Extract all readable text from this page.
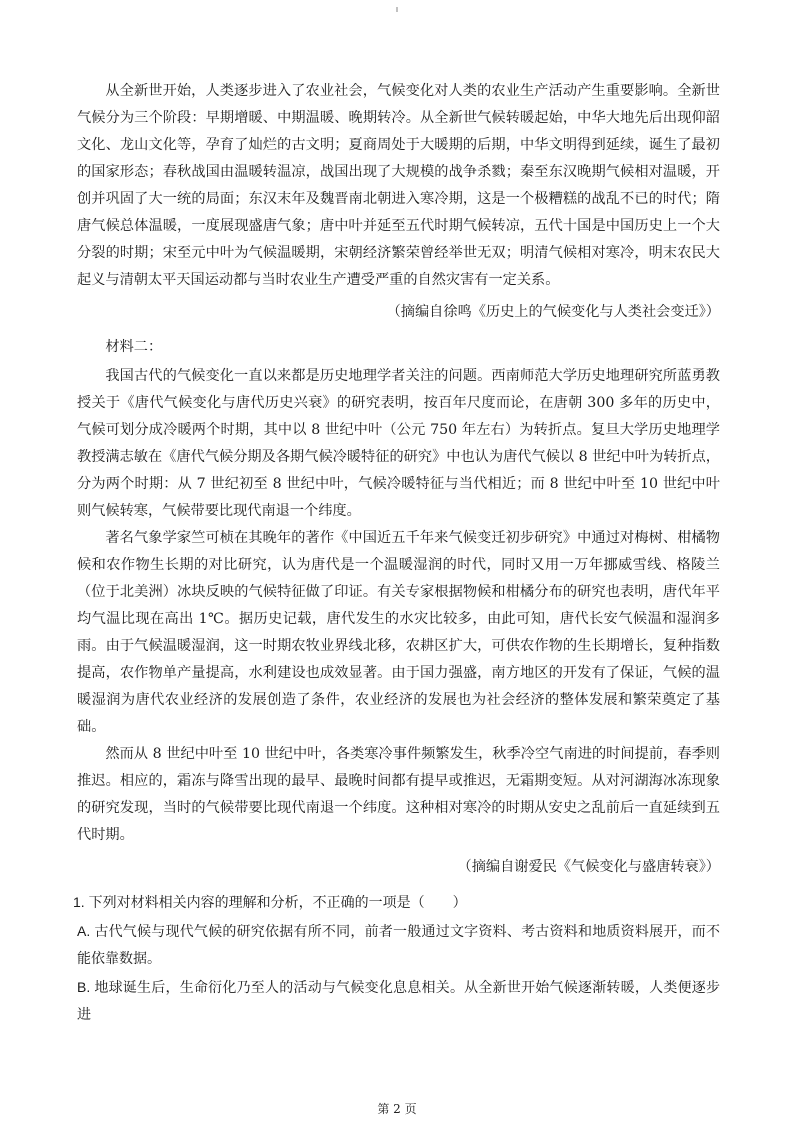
ı

从全新世开始，人类逐步进入了农业社会，气候变化对人类的农业生产活动产生重要影响。全新世气候分为三个阶段：早期增暖、中期温暖、晚期转冷。从全新世气候转暖起始，中华大地先后出现仰韶文化、龙山文化等，孕育了灿烂的古文明；夏商周处于大暖期的后期，中华文明得到延续，诞生了最初的国家形态；春秋战国由温暖转温凉，战国出现了大规模的战争杀戮；秦至东汉晚期气候相对温暖，开创并巩固了大一统的局面；东汉末年及魏晋南北朝进入寒冷期，这是一个极糟糕的战乱不已的时代；隋唐气候总体温暖，一度展现盛唐气象；唐中叶并延至五代时期气候转凉，五代十国是中国历史上一个大分裂的时期；宋至元中叶为气候温暖期，宋朝经济繁荣曾经举世无双；明清气候相对寒冷，明末农民大起义与清朝太平天国运动都与当时农业生产遭受严重的自然灾害有一定关系。

（摘编自徐鸣《历史上的气候变化与人类社会变迁》）
材料二：

我国古代的气候变化一直以来都是历史地理学者关注的问题。西南师范大学历史地理研究所蓝勇教授关于《唐代气候变化与唐代历史兴衰》的研究表明，按百年尺度而论，在唐朝 300 多年的历史中，气候可划分成冷暖两个时期，其中以 8 世纪中叶（公元 750 年左右）为转折点。复旦大学历史地理学教授满志敏在《唐代气候分期及各期气候冷暖特征的研究》中也认为唐代气候以 8 世纪中叶为转折点，分为两个时期：从 7 世纪初至 8 世纪中叶，气候冷暖特征与当代相近；而 8 世纪中叶至 10 世纪中叶则气候转寒，气候带要比现代南退一个纬度。

著名气象学家竺可桢在其晚年的著作《中国近五千年来气候变迁初步研究》中通过对梅树、柑橘物候和农作物生长期的对比研究，认为唐代是一个温暖湿润的时代，同时又用一万年挪威雪线、格陵兰（位于北美洲）冰块反映的气候特征做了印证。有关专家根据物候和柑橘分布的研究也表明，唐代年平均气温比现在高出 1℃。据历史记载，唐代发生的水灾比较多，由此可知，唐代长安气候温和湿润多雨。由于气候温暖湿润，这一时期农牧业界线北移，农耕区扩大，可供农作物的生长期增长，复种指数提高，农作物单产量提高，水利建设也成效显著。由于国力强盛，南方地区的开发有了保证，气候的温暖湿润为唐代农业经济的发展创造了条件，农业经济的发展也为社会经济的整体发展和繁荣奠定了基础。

然而从 8 世纪中叶至 10 世纪中叶，各类寒冷事件频繁发生，秋季冷空气南进的时间提前，春季则推迟。相应的，霜冻与降雪出现的最早、最晚时间都有提早或推迟，无霜期变短。从对河湖海冰冻现象的研究发现，当时的气候带要比现代南退一个纬度。这种相对寒冷的时期从安史之乱前后一直延续到五代时期。

（摘编自谢爱民《气候变化与盛唐转衰》）
1. 下列对材料相关内容的理解和分析，不正确的一项是（　　）
A. 古代气候与现代气候的研究依据有所不同，前者一般通过文字资料、考古资料和地质资料展开，而不能依靠数据。
B. 地球诞生后，生命衍化乃至人的活动与气候变化息息相关。从全新世开始气候逐渐转暖，人类便逐步进
第 2 页
